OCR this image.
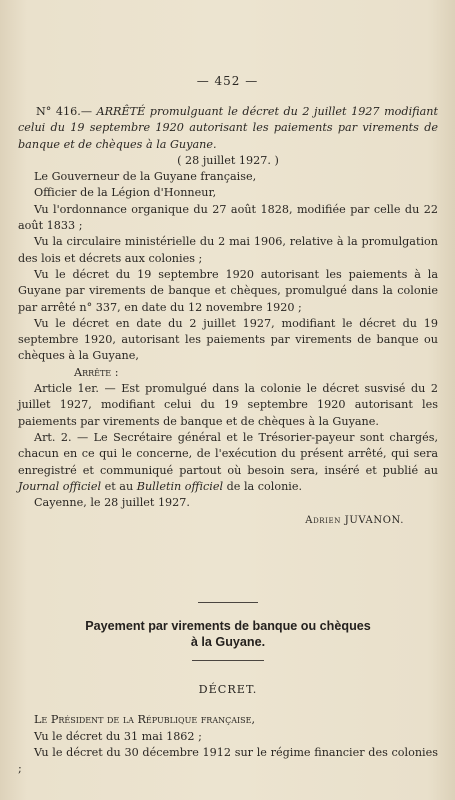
— 452 —

N° 416.— ARRÊTÉ promulguant le décret du 2 juillet 1927 modifiant celui du 19 septembre 1920 autorisant les paiements par virements de banque et de chèques à la Guyane.

( 28 juillet 1927. )

Le Gouverneur de la Guyane française,

Officier de la Légion d'Honneur,

Vu l'ordonnance organique du 27 août 1828, modifiée par celle du 22 août 1833 ;

Vu la circulaire ministérielle du 2 mai 1906, relative à la promulgation des lois et décrets aux colonies ;

Vu le décret du 19 septembre 1920 autorisant les paiements à la Guyane par virements de banque et chèques, promulgué dans la colonie par arrêté n° 337, en date du 12 novembre 1920 ;

Vu le décret en date du 2 juillet 1927, modifiant le décret du 19 septembre 1920, autorisant les paiements par virements de banque ou chèques à la Guyane,

Arrête :

Article 1er. — Est promulgué dans la colonie le décret susvisé du 2 juillet 1927, modifiant celui du 19 septembre 1920 autorisant les paiements par virements de banque et de chèques à la Guyane.

Art. 2. — Le Secrétaire général et le Trésorier-payeur sont chargés, chacun en ce qui le concerne, de l'exécution du présent arrêté, qui sera enregistré et communiqué partout où besoin sera, inséré et publié au Journal officiel et au Bulletin officiel de la colonie.

Cayenne, le 28 juillet 1927.

Adrien JUVANON.

Payement par virements de banque ou chèques
à la Guyane.

DÉCRET.

Le Président de la République française,

Vu le décret du 31 mai 1862 ;

Vu le décret du 30 décembre 1912 sur le régime financier des colonies ;
